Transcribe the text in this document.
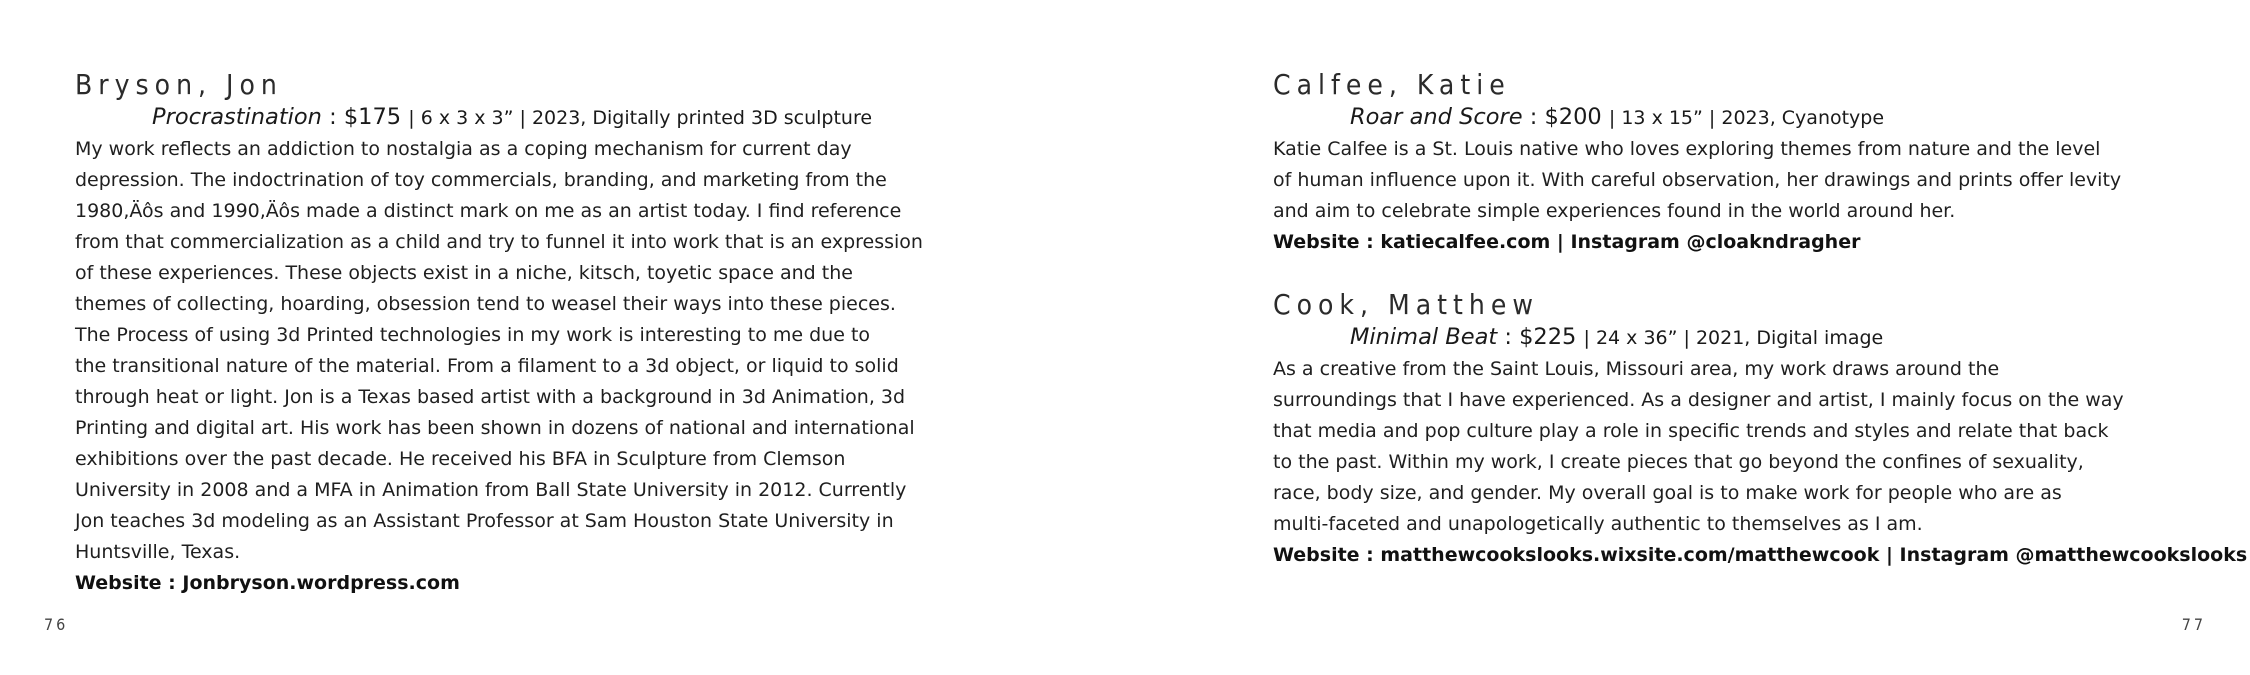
Bryson, Jon

Procrastination : $175 | 6 x 3 x 3” | 2023, Digitally printed 3D sculpture

My work reflects an addiction to nostalgia as a coping mechanism for current day

depression. The indoctrination of toy commercials, branding, and marketing from the

1980,Äôs and 1990,Äôs made a distinct mark on me as an artist today. I find reference

from that commercialization as a child and try to funnel it into work that is an expression

of these experiences. These objects exist in a niche, kitsch, toyetic space and the

themes of collecting, hoarding, obsession tend to weasel their ways into these pieces.

The Process of using 3d Printed technologies in my work is interesting to me due to

the transitional nature of the material. From a filament to a 3d object, or liquid to solid

through heat or light. Jon is a Texas based artist with a background in 3d Animation, 3d

Printing and digital art. His work has been shown in dozens of national and international

exhibitions over the past decade. He received his BFA in Sculpture from Clemson

University in 2008 and a MFA in Animation from Ball State University in 2012. Currently

Jon teaches 3d modeling as an Assistant Professor at Sam Houston State University in

Huntsville, Texas.

Website : Jonbryson.wordpress.com

76
Calfee, Katie

Roar and Score : $200 | 13 x 15” | 2023, Cyanotype

Katie Calfee is a St. Louis native who loves exploring themes from nature and the level

of human influence upon it. With careful observation, her drawings and prints offer levity

and aim to celebrate simple experiences found in the world around her.

Website : katiecalfee.com | Instagram @cloakndragher

Cook, Matthew

Minimal Beat : $225 | 24 x 36” | 2021, Digital image

As a creative from the Saint Louis, Missouri area, my work draws around the

surroundings that I have experienced. As a designer and artist, I mainly focus on the way

that media and pop culture play a role in specific trends and styles and relate that back

to the past. Within my work, I create pieces that go beyond the confines of sexuality,

race, body size, and gender. My overall goal is to make work for people who are as

multi-faceted and unapologetically authentic to themselves as I am.

Website : matthewcookslooks.wixsite.com/matthewcook | Instagram @matthewcookslooks

77
